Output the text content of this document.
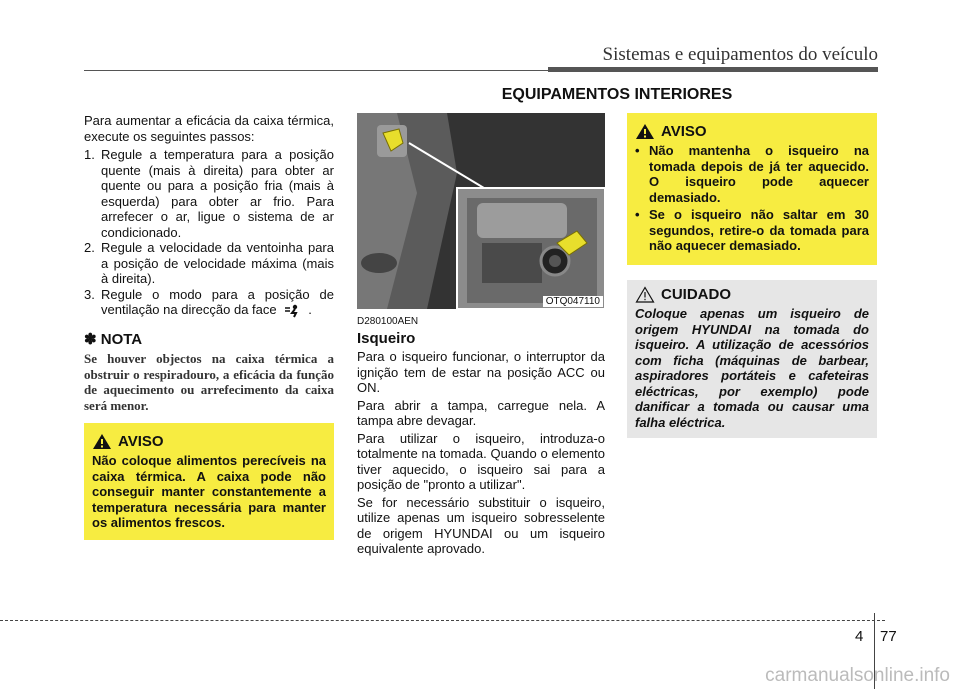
Sistemas e equipamentos do veículo
EQUIPAMENTOS INTERIORES

Para aumentar a eficácia da caixa térmica, execute os seguintes passos:

1. Regule a temperatura para a posição quente (mais à direita) para obter ar quente ou para a posição fria (mais à esquerda) para obter ar frio. Para arrefecer o ar, ligue o sistema de ar condicionado.
2. Regule a velocidade da ventoinha para a posição de velocidade máxima (mais à direita).
3. Regule o modo para a posição de ventilação na direcção da face .
✽ NOTA
Se houver objectos na caixa térmica a obstruir o respiradouro, a eficácia da função de aquecimento ou arrefecimento da caixa será menor.
AVISO
Não coloque alimentos perecíveis na caixa térmica. A caixa pode não conseguir manter constantemente a temperatura necessária para manter os alimentos frescos.
OTQ047110
D280100AEN
Isqueiro

Para o isqueiro funcionar, o interruptor da ignição tem de estar na posição ACC ou ON.

Para abrir a tampa, carregue nela. A tampa abre devagar.

Para utilizar o isqueiro, introduza-o totalmente na tomada. Quando o elemento tiver aquecido, o isqueiro sai para a posição de "pronto a utilizar".

Se for necessário substituir o isqueiro, utilize apenas um isqueiro sobresselente de origem HYUNDAI ou um isqueiro equivalente aprovado.

AVISO
• Não mantenha o isqueiro na tomada depois de já ter aquecido. O isqueiro pode aquecer demasiado.
• Se o isqueiro não saltar em 30 segundos, retire-o da tomada para não aquecer demasiado.
CUIDADO
Coloque apenas um isqueiro de origem HYUNDAI na tomada do isqueiro. A utilização de acessórios com ficha (máquinas de barbear, aspiradores portáteis e cafeteiras eléctricas, por exemplo) pode danificar a tomada ou causar uma falha eléctrica.
4 77
carmanualsonline.info
